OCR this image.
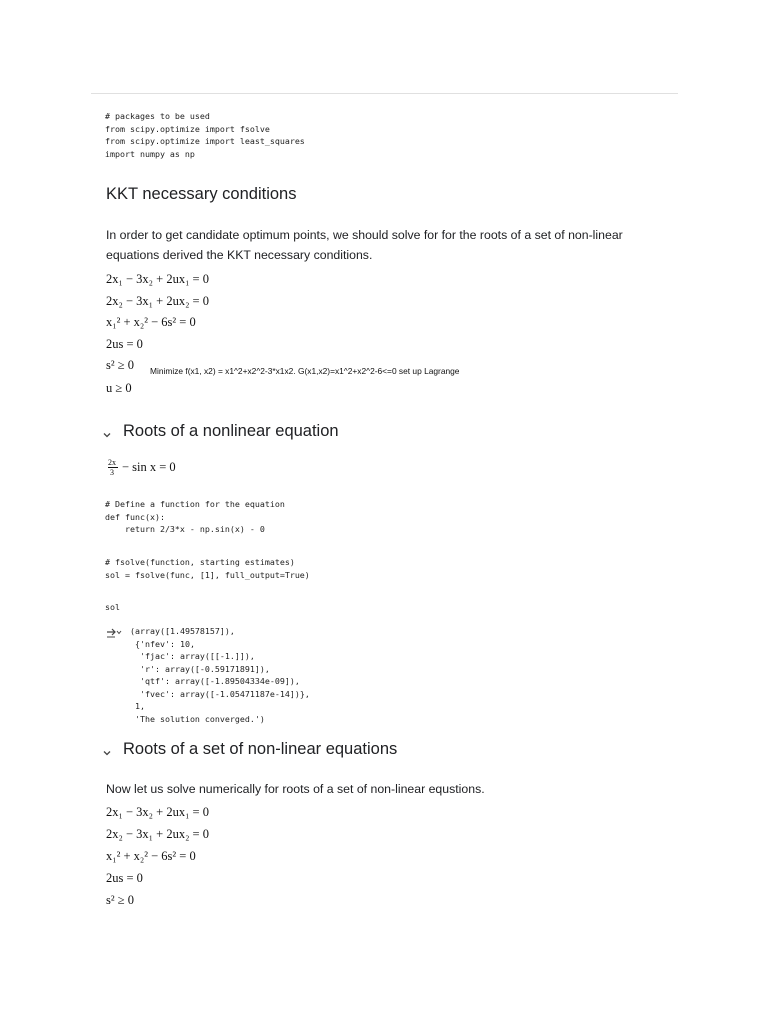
# packages to be used
from scipy.optimize import fsolve
from scipy.optimize import least_squares
import numpy as np
KKT necessary conditions
In order to get candidate optimum points, we should solve for for the roots of a set of non-linear equations derived the KKT necessary conditions.
2x₁ − 3x₂ + 2ux₁ = 0
2x₂ − 3x₁ + 2ux₂ = 0
x₁² + x₂² − 6s² = 0
2us = 0
s² ≥ 0 Minimize f(x1, x2) = x1^2+x2^2-3*x1x2. G(x1,x2)=x1^2+x2^2-6<=0 set up Lagrange
u ≥ 0
Roots of a nonlinear equation
2x
3 − sin x = 0
# Define a function for the equation
def func(x):
return 2/3*x - np.sin(x) - 0
# fsolve(function, starting estimates)
sol = fsolve(func, [1], full_output=True)
sol
(array([1.49578157]),
{'nfev': 10,
'fjac': array([[-1.]]),
'r': array([-0.59171891]),
'qtf': array([-1.89504334e-09]),
'fvec': array([-1.05471187e-14])},
1,
'The solution converged.')
Roots of a set of non-linear equations
Now let us solve numerically for roots of a set of non-linear equstions.
2x₁ − 3x₂ + 2ux₁ = 0
2x₂ − 3x₁ + 2ux₂ = 0
x₁² + x₂² − 6s² = 0
2us = 0
s² ≥ 0
